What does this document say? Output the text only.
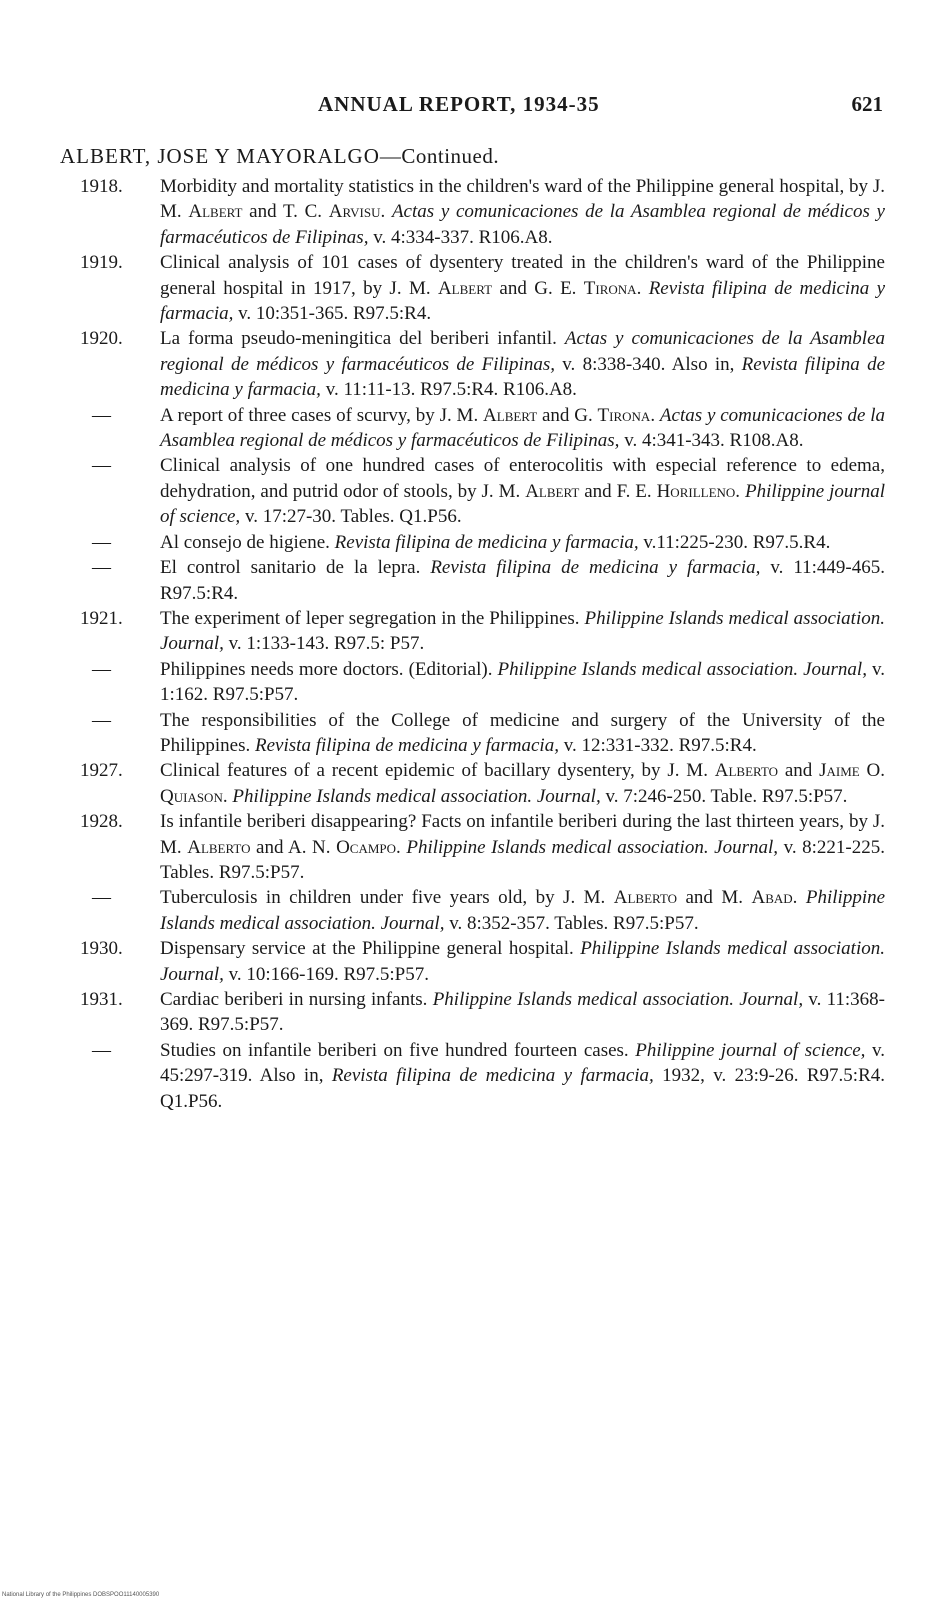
ANNUAL REPORT, 1934-35	621
ALBERT, JOSE Y MAYORALGO—Continued.

1918.	Morbidity and mortality statistics in the children's ward of the Philippine general hospital, by J. M. Albert and T. C. Arvisu. Actas y comunicaciones de la Asamblea regional de médicos y farmacéuticos de Filipinas, v. 4:334-337. R106.A8.

1919.	Clinical analysis of 101 cases of dysentery treated in the children's ward of the Philippine general hospital in 1917, by J. M. Albert and G. E. Tirona. Revista filipina de medicina y farmacia, v. 10:351-365. R97.5:R4.

1920.	La forma pseudo-meningitica del beriberi infantil. Actas y comunicaciones de la Asamblea regional de médicos y farmacéuticos de Filipinas, v. 8:338-340. Also in, Revista filipina de medicina y farmacia, v. 11:11-13. R97.5:R4. R106.A8.

—	A report of three cases of scurvy, by J. M. Albert and G. Tirona. Actas y comunicaciones de la Asamblea regional de médicos y farmacéuticos de Filipinas, v. 4:341-343. R108.A8.

—	Clinical analysis of one hundred cases of enterocolitis with especial reference to edema, dehydration, and putrid odor of stools, by J. M. Albert and F. E. Horilleno. Philippine journal of science, v. 17:27-30. Tables. Q1.P56.

—	Al consejo de higiene. Revista filipina de medicina y farmacia, v.11:225-230. R97.5.R4.

—	El control sanitario de la lepra. Revista filipina de medicina y farmacia, v. 11:449-465. R97.5:R4.

1921.	The experiment of leper segregation in the Philippines. Philippine Islands medical association. Journal, v. 1:133-143. R97.5: P57.

—	Philippines needs more doctors. (Editorial). Philippine Islands medical association. Journal, v. 1:162. R97.5:P57.

—	The responsibilities of the College of medicine and surgery of the University of the Philippines. Revista filipina de medicina y farmacia, v. 12:331-332. R97.5:R4.

1927.	Clinical features of a recent epidemic of bacillary dysentery, by J. M. Alberto and Jaime O. Quiason. Philippine Islands medical association. Journal, v. 7:246-250. Table. R97.5:P57.

1928.	Is infantile beriberi disappearing? Facts on infantile beriberi during the last thirteen years, by J. M. Alberto and A. N. Ocampo. Philippine Islands medical association. Journal, v. 8:221-225. Tables. R97.5:P57.

—	Tuberculosis in children under five years old, by J. M. Alberto and M. Abad. Philippine Islands medical association. Journal, v. 8:352-357. Tables. R97.5:P57.

1930.	Dispensary service at the Philippine general hospital. Philippine Islands medical association. Journal, v. 10:166-169. R97.5:P57.

1931.	Cardiac beriberi in nursing infants. Philippine Islands medical association. Journal, v. 11:368-369. R97.5:P57.

—	Studies on infantile beriberi on five hundred fourteen cases. Philippine journal of science, v. 45:297-319. Also in, Revista filipina de medicina y farmacia, 1932, v. 23:9-26. R97.5:R4. Q1.P56.

National Library of the Philippines DOBSPOO11140005390
